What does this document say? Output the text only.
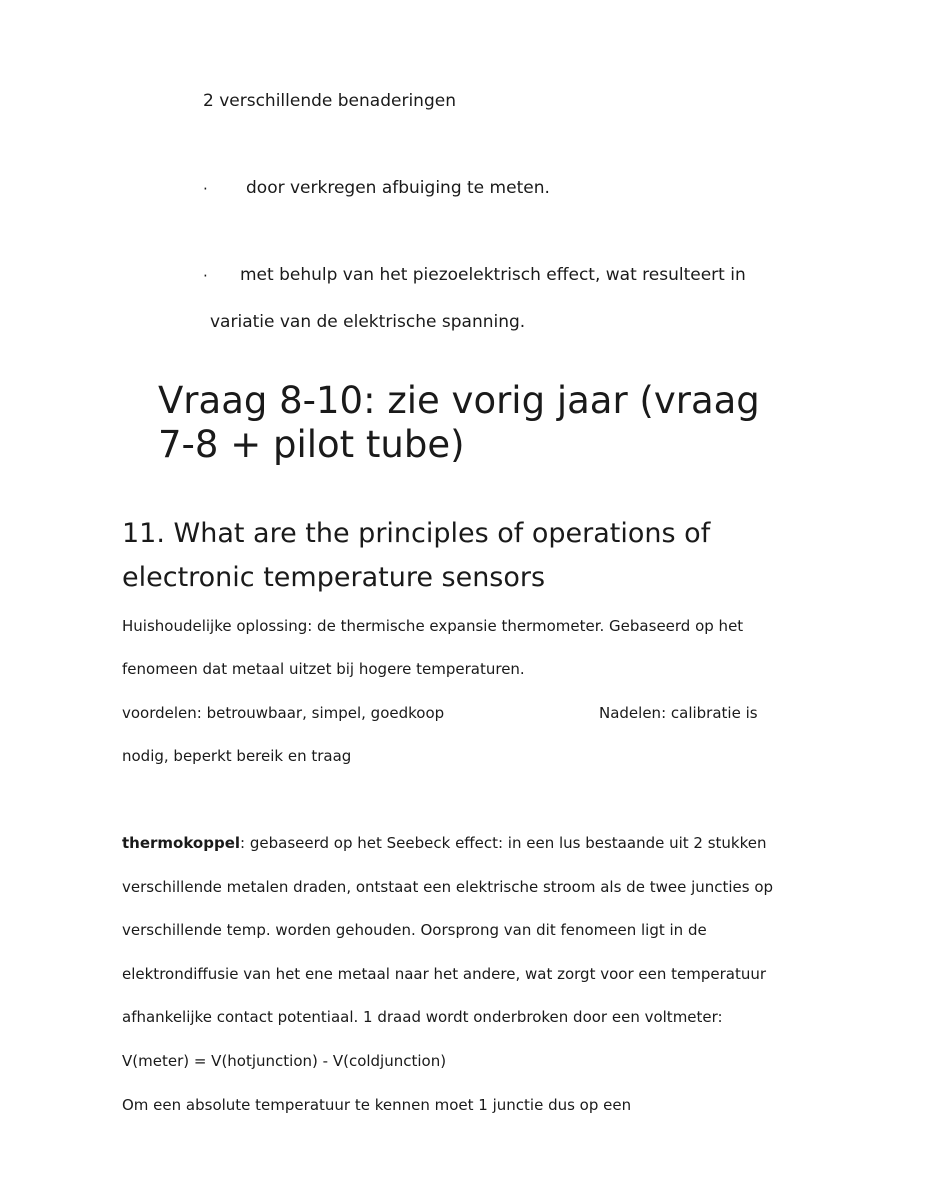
2 verschillende benaderingen
· door verkregen afbuiging te meten.
· met behulp van het piezoelektrisch effect, wat resulteert in
variatie van de elektrische spanning.
Vraag 8-10: zie vorig jaar (vraag
7-8 + pilot tube)
11. What are the principles of operations of
electronic temperature sensors
Huishoudelijke oplossing: de thermische expansie thermometer. Gebaseerd op het
fenomeen dat metaal uitzet bij hogere temperaturen.
voordelen: betrouwbaar, simpel, goedkoop	Nadelen: calibratie is
nodig, beperkt bereik en traag
thermokoppel: gebaseerd op het Seebeck effect: in een lus bestaande uit 2 stukken
verschillende metalen draden, ontstaat een elektrische stroom als de twee juncties op
verschillende temp. worden gehouden. Oorsprong van dit fenomeen ligt in de
elektrondiffusie van het ene metaal naar het andere, wat zorgt voor een temperatuur
afhankelijke contact potentiaal. 1 draad wordt onderbroken door een voltmeter:
V(meter) = V(hotjunction) - V(coldjunction)
Om een absolute temperatuur te kennen moet 1 junctie dus op een
